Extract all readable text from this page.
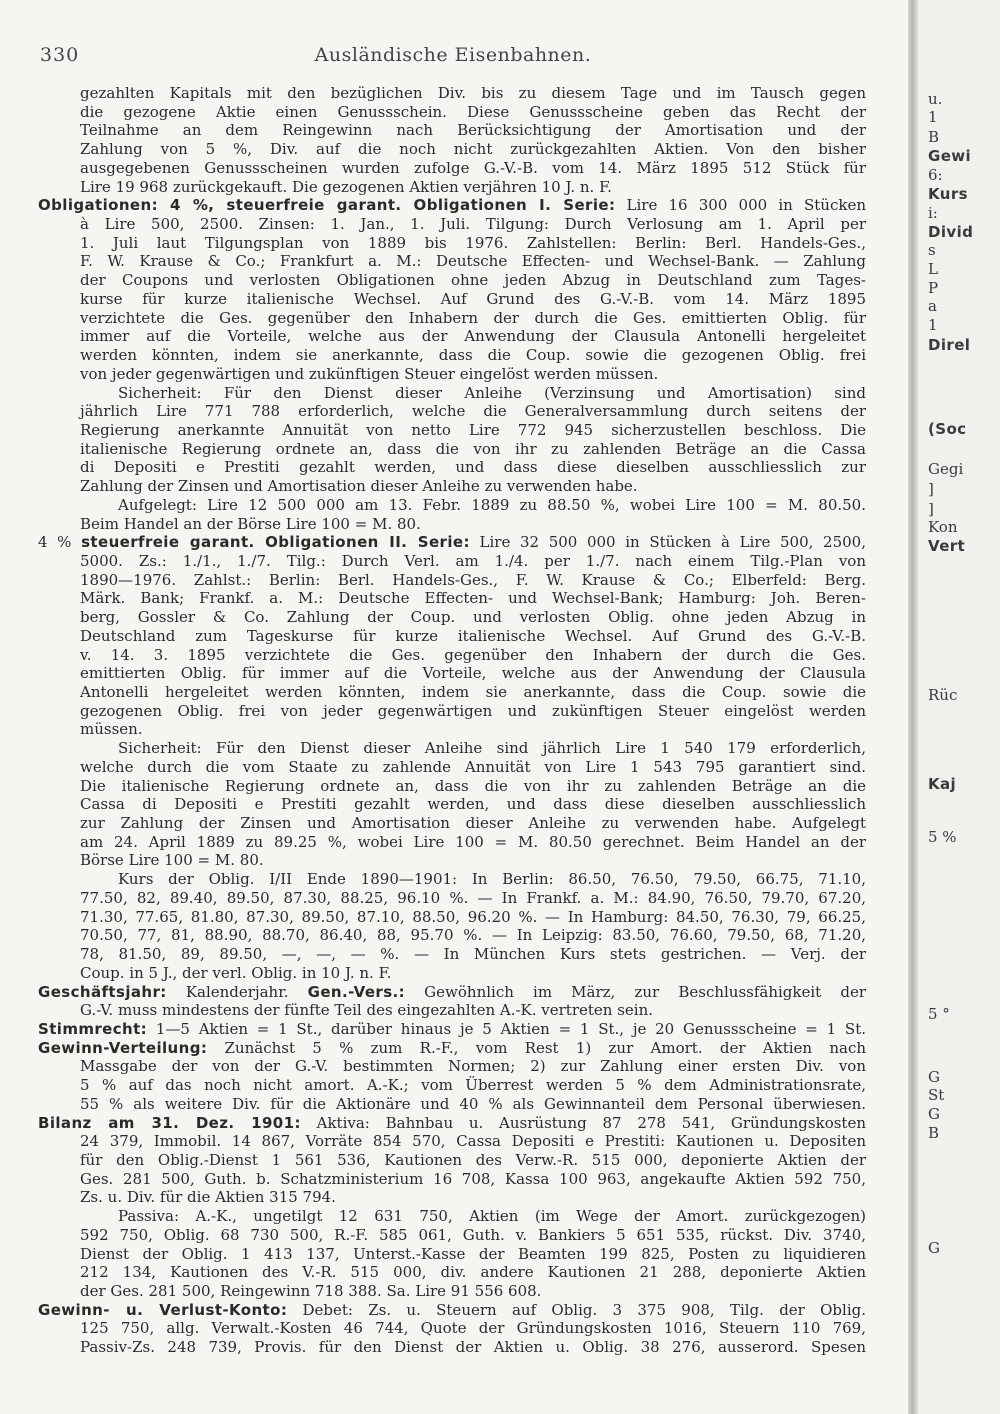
330	Ausländische Eisenbahnen.
gezahlten Kapitals mit den bezüglichen Div. bis zu diesem Tage und im Tausch gegen
die gezogene Aktie einen Genussschein. Diese Genussscheine geben das Recht der
Teilnahme an dem Reingewinn nach Berücksichtigung der Amortisation und der
Zahlung von 5 %, Div. auf die noch nicht zurückgezahlten Aktien. Von den bisher
ausgegebenen Genussscheinen wurden zufolge G.-V.-B. vom 14. März 1895 512 Stück für
Lire 19 968 zurückgekauft. Die gezogenen Aktien verjähren 10 J. n. F.
Obligationen: 4 %, steuerfreie garant. Obligationen I. Serie: Lire 16 300 000 in Stücken
à Lire 500, 2500. Zinsen: 1. Jan., 1. Juli. Tilgung: Durch Verlosung am 1. April per
1. Juli laut Tilgungsplan von 1889 bis 1976. Zahlstellen: Berlin: Berl. Handels-Ges.,
F. W. Krause & Co.; Frankfurt a. M.: Deutsche Effecten- und Wechsel-Bank. — Zahlung
der Coupons und verlosten Obligationen ohne jeden Abzug in Deutschland zum Tages-
kurse für kurze italienische Wechsel. Auf Grund des G.-V.-B. vom 14. März 1895
verzichtete die Ges. gegenüber den Inhabern der durch die Ges. emittierten Oblig. für
immer auf die Vorteile, welche aus der Anwendung der Clausula Antonelli hergeleitet
werden könnten, indem sie anerkannte, dass die Coup. sowie die gezogenen Oblig. frei
von jeder gegenwärtigen und zukünftigen Steuer eingelöst werden müssen.
Sicherheit: Für den Dienst dieser Anleihe (Verzinsung und Amortisation) sind
jährlich Lire 771 788 erforderlich, welche die Generalversammlung durch seitens der
Regierung anerkannte Annuität von netto Lire 772 945 sicherzustellen beschloss. Die
italienische Regierung ordnete an, dass die von ihr zu zahlenden Beträge an die Cassa
di Depositi e Prestiti gezahlt werden, und dass diese dieselben ausschliesslich zur
Zahlung der Zinsen und Amortisation dieser Anleihe zu verwenden habe.
Aufgelegt: Lire 12 500 000 am 13. Febr. 1889 zu 88.50 %, wobei Lire 100 = M. 80.50.
Beim Handel an der Börse Lire 100 = M. 80.
4 % steuerfreie garant. Obligationen II. Serie: Lire 32 500 000 in Stücken à Lire 500, 2500,
5000. Zs.: 1./1., 1./7. Tilg.: Durch Verl. am 1./4. per 1./7. nach einem Tilg.-Plan von
1890—1976. Zahlst.: Berlin: Berl. Handels-Ges., F. W. Krause & Co.; Elberfeld: Berg.
Märk. Bank; Frankf. a. M.: Deutsche Effecten- und Wechsel-Bank; Hamburg: Joh. Beren-
berg, Gossler & Co. Zahlung der Coup. und verlosten Oblig. ohne jeden Abzug in
Deutschland zum Tageskurse für kurze italienische Wechsel. Auf Grund des G.-V.-B.
v. 14. 3. 1895 verzichtete die Ges. gegenüber den Inhabern der durch die Ges.
emittierten Oblig. für immer auf die Vorteile, welche aus der Anwendung der Clausula
Antonelli hergeleitet werden könnten, indem sie anerkannte, dass die Coup. sowie die
gezogenen Oblig. frei von jeder gegenwärtigen und zukünftigen Steuer eingelöst werden
müssen.
Sicherheit: Für den Dienst dieser Anleihe sind jährlich Lire 1 540 179 erforderlich,
welche durch die vom Staate zu zahlende Annuität von Lire 1 543 795 garantiert sind.
Die italienische Regierung ordnete an, dass die von ihr zu zahlenden Beträge an die
Cassa di Depositi e Prestiti gezahlt werden, und dass diese dieselben ausschliesslich
zur Zahlung der Zinsen und Amortisation dieser Anleihe zu verwenden habe. Aufgelegt
am 24. April 1889 zu 89.25 %, wobei Lire 100 = M. 80.50 gerechnet. Beim Handel an der
Börse Lire 100 = M. 80.
Kurs der Oblig. I/II Ende 1890—1901: In Berlin: 86.50, 76.50, 79.50, 66.75, 71.10,
77.50, 82, 89.40, 89.50, 87.30, 88.25, 96.10 %. — In Frankf. a. M.: 84.90, 76.50, 79.70, 67.20,
71.30, 77.65, 81.80, 87.30, 89.50, 87.10, 88.50, 96.20 %. — In Hamburg: 84.50, 76.30, 79, 66.25,
70.50, 77, 81, 88.90, 88.70, 86.40, 88, 95.70 %. — In Leipzig: 83.50, 76.60, 79.50, 68, 71.20,
78, 81.50, 89, 89.50, —, —, — %. — In München Kurs stets gestrichen. — Verj. der
Coup. in 5 J., der verl. Oblig. in 10 J. n. F.
Geschäftsjahr: Kalenderjahr. Gen.-Vers.: Gewöhnlich im März, zur Beschlussfähigkeit der
G.-V. muss mindestens der fünfte Teil des eingezahlten A.-K. vertreten sein.
Stimmrecht: 1—5 Aktien = 1 St., darüber hinaus je 5 Aktien = 1 St., je 20 Genussscheine = 1 St.
Gewinn-Verteilung: Zunächst 5 % zum R.-F., vom Rest 1) zur Amort. der Aktien nach
Massgabe der von der G.-V. bestimmten Normen; 2) zur Zahlung einer ersten Div. von
5 % auf das noch nicht amort. A.-K.; vom Überrest werden 5 % dem Administrationsrate,
55 % als weitere Div. für die Aktionäre und 40 % als Gewinnanteil dem Personal überwiesen.
Bilanz am 31. Dez. 1901: Aktiva: Bahnbau u. Ausrüstung 87 278 541, Gründungskosten
24 379, Immobil. 14 867, Vorräte 854 570, Cassa Depositi e Prestiti: Kautionen u. Depositen
für den Oblig.-Dienst 1 561 536, Kautionen des Verw.-R. 515 000, deponierte Aktien der
Ges. 281 500, Guth. b. Schatzministerium 16 708, Kassa 100 963, angekaufte Aktien 592 750,
Zs. u. Div. für die Aktien 315 794.
Passiva: A.-K., ungetilgt 12 631 750, Aktien (im Wege der Amort. zurückgezogen)
592 750, Oblig. 68 730 500, R.-F. 585 061, Guth. v. Bankiers 5 651 535, rückst. Div. 3740,
Dienst der Oblig. 1 413 137, Unterst.-Kasse der Beamten 199 825, Posten zu liquidieren
212 134, Kautionen des V.-R. 515 000, div. andere Kautionen 21 288, deponierte Aktien
der Ges. 281 500, Reingewinn 718 388. Sa. Lire 91 556 608.
Gewinn- u. Verlust-Konto: Debet: Zs. u. Steuern auf Oblig. 3 375 908, Tilg. der Oblig.
125 750, allg. Verwalt.-Kosten 46 744, Quote der Gründungskosten 1016, Steuern 110 769,
Passiv-Zs. 248 739, Provis. für den Dienst der Aktien u. Oblig. 38 276, ausserord. Spesen
u.
1
B
Gewi
6:
Kurs
i:
Divid
s
L
P
a
1
Direl
(Soc
Gegi
]
]
Kon
Vert
Rüc
Kaj
5 %
5 °
G
St
G
B
G
